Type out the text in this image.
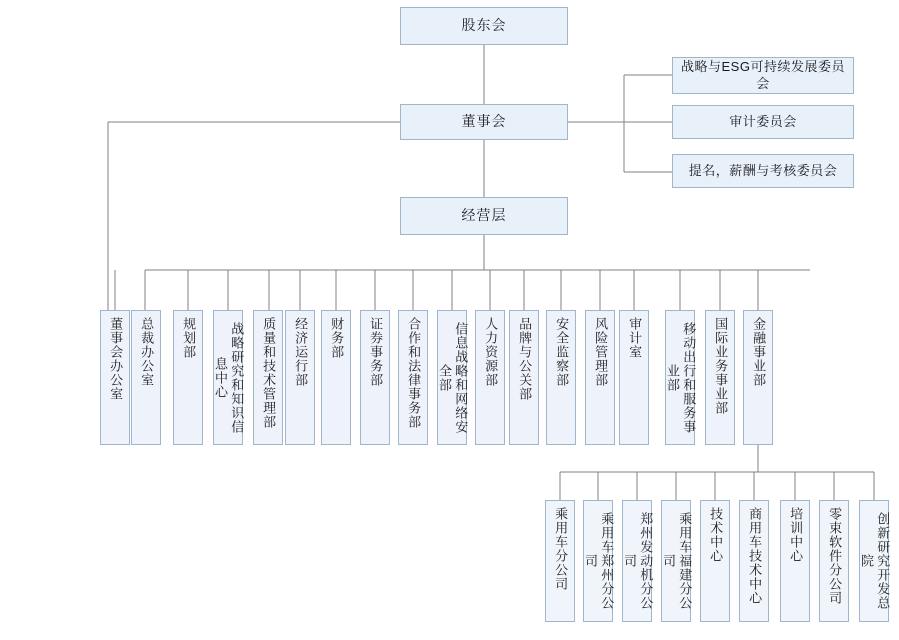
股东会
董事会
经营层
战略与ESG可持续发展委员会
审计委员会
提名，薪酬与考核委员会
董事会办公室 总裁办公室 规划部	战略研究和知识信息中心	质量和技术管理部 经济运行部 财务部 证券事务部 合作和法律事务部	信息战略和网络安全部	人力资源部 品牌与公关部 安全监察部 风险管理部 审计室	移动出行和服务事业部	国际业务事业部 金融事业部
乘用车分公司	乘用车郑州分公司	郑州发动机分公司	乘用车福建分公司	技术中心 商用车技术中心 培训中心 零束软件分公司	创新研究开发总院
